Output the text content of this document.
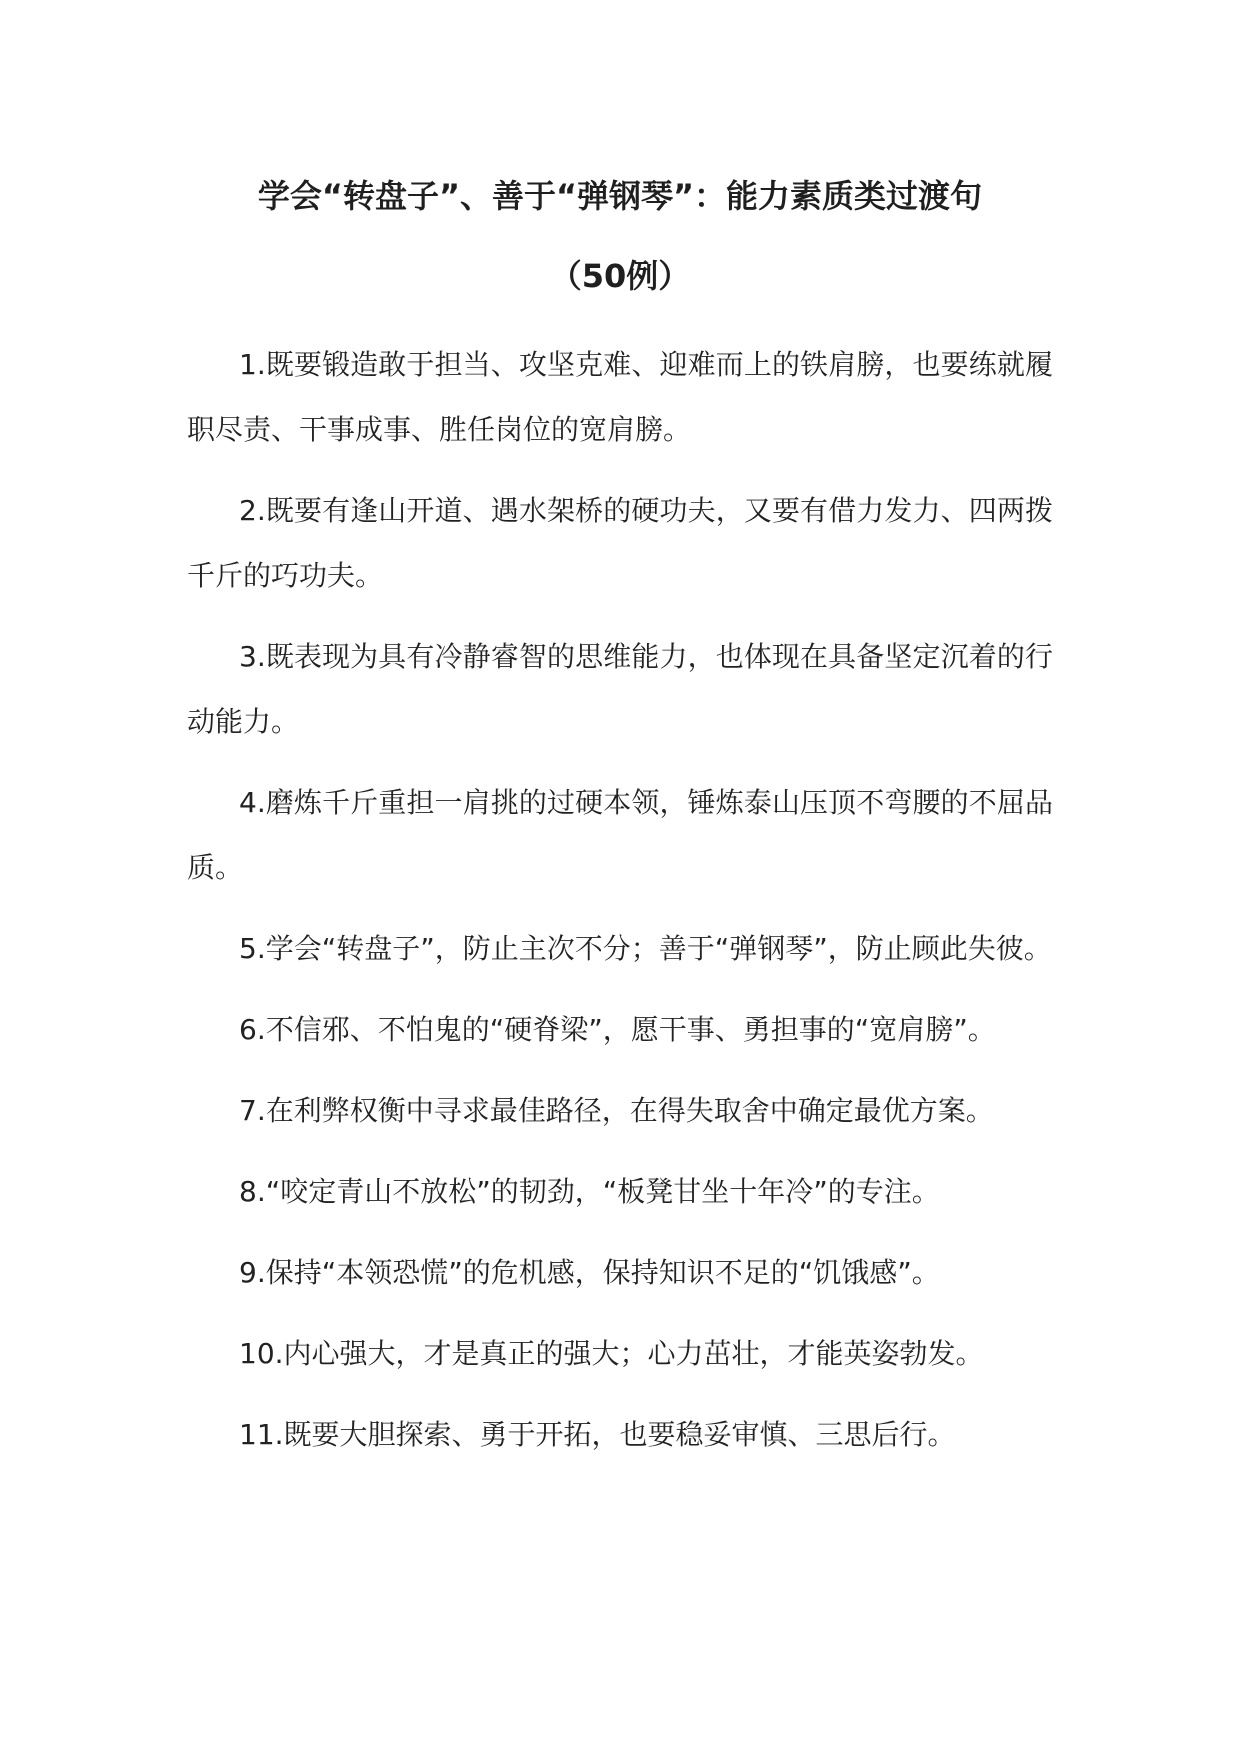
学会“转盘子”、善于“弹钢琴”：能力素质类过渡句
（50例）

1.既要锻造敢于担当、攻坚克难、迎难而上的铁肩膀，也要练就履职尽责、干事成事、胜任岗位的宽肩膀。

2.既要有逢山开道、遇水架桥的硬功夫，又要有借力发力、四两拨千斤的巧功夫。

3.既表现为具有冷静睿智的思维能力，也体现在具备坚定沉着的行动能力。

4.磨炼千斤重担一肩挑的过硬本领，锤炼泰山压顶不弯腰的不屈品质。

5.学会“转盘子”，防止主次不分；善于“弹钢琴”，防止顾此失彼。

6.不信邪、不怕鬼的“硬脊梁”，愿干事、勇担事的“宽肩膀”。

7.在利弊权衡中寻求最佳路径，在得失取舍中确定最优方案。

8.“咬定青山不放松”的韧劲，“板凳甘坐十年冷”的专注。

9.保持“本领恐慌”的危机感，保持知识不足的“饥饿感”。

10.内心强大，才是真正的强大；心力茁壮，才能英姿勃发。

11.既要大胆探索、勇于开拓，也要稳妥审慎、三思后行。
